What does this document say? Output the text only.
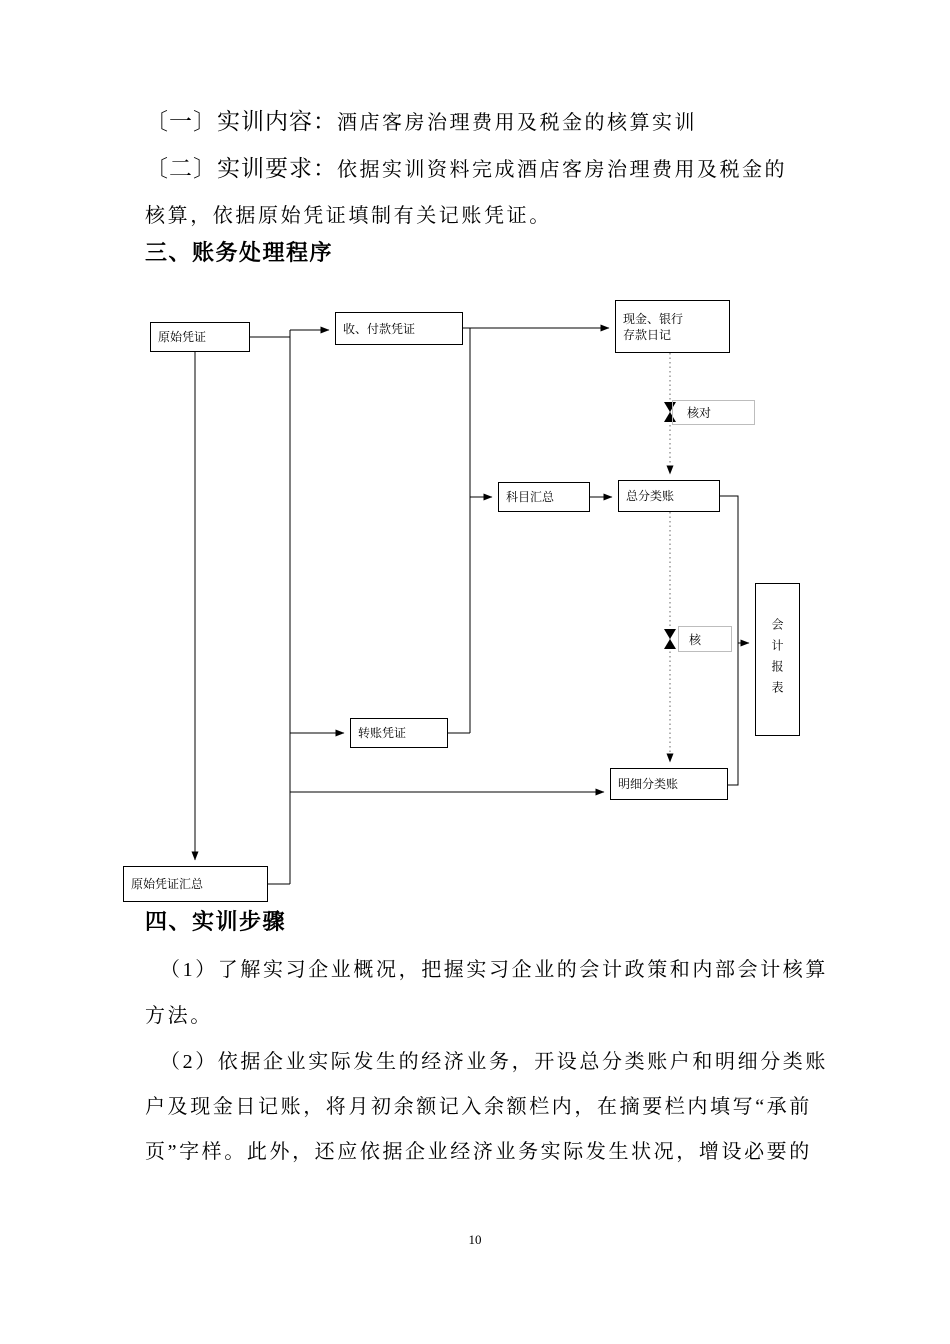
〔一〕实训内容：酒店客房治理费用及税金的核算实训
〔二〕实训要求：依据实训资料完成酒店客房治理费用及税金的
核算，依据原始凭证填制有关记账凭证。
三、账务处理程序
原始凭证
收、付款凭证
现金、银行
存款日记
核对
科目汇总	总分类账
核	会计报表
转账凭证
明细分类账
原始凭证汇总
四、实训步骤
（1）了解实习企业概况，把握实习企业的会计政策和内部会计核算
方法。
（2）依据企业实际发生的经济业务，开设总分类账户和明细分类账
户及现金日记账，将月初余额记入余额栏内，在摘要栏内填写“承前
页”字样。此外，还应依据企业经济业务实际发生状况，增设必要的
10
